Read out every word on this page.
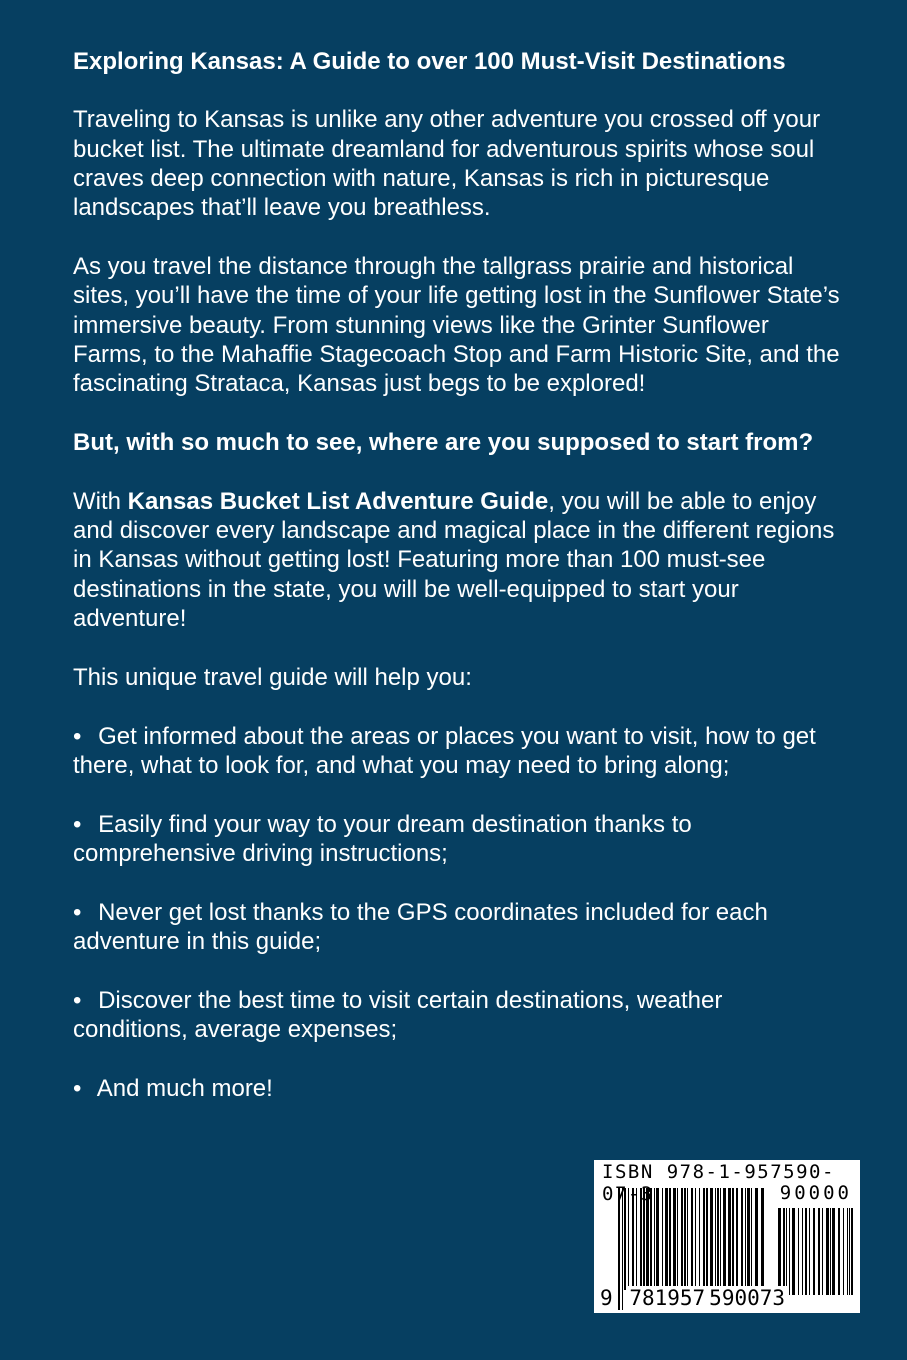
Exploring Kansas: A Guide to over 100 Must-Visit Destinations

Traveling to Kansas is unlike any other adventure you crossed off your bucket list. The ultimate dreamland for adventurous spirits whose soul craves deep connection with nature, Kansas is rich in picturesque landscapes that’ll leave you breathless.

As you travel the distance through the tallgrass prairie and historical sites, you’ll have the time of your life getting lost in the Sunflower State’s immersive beauty. From stunning views like the Grinter Sunflower Farms, to the Mahaffie Stagecoach Stop and Farm Historic Site, and the fascinating Strataca, Kansas just begs to be explored!

But, with so much to see, where are you supposed to start from?

With Kansas Bucket List Adventure Guide, you will be able to enjoy and discover every landscape and magical place in the different regions in Kansas without getting lost! Featuring more than 100 must-see destinations in the state, you will be well-equipped to start your adventure!

This unique travel guide will help you:

• Get informed about the areas or places you want to visit, how to get there, what to look for, and what you may need to bring along;

• Easily find your way to your dream destination thanks to comprehensive driving instructions;

• Never get lost thanks to the GPS coordinates included for each adventure in this guide;

• Discover the best time to visit certain destinations, weather conditions, average expenses;

• And much more!

ISBN 978-1-957590-07-3	90000
9 781957 590073
